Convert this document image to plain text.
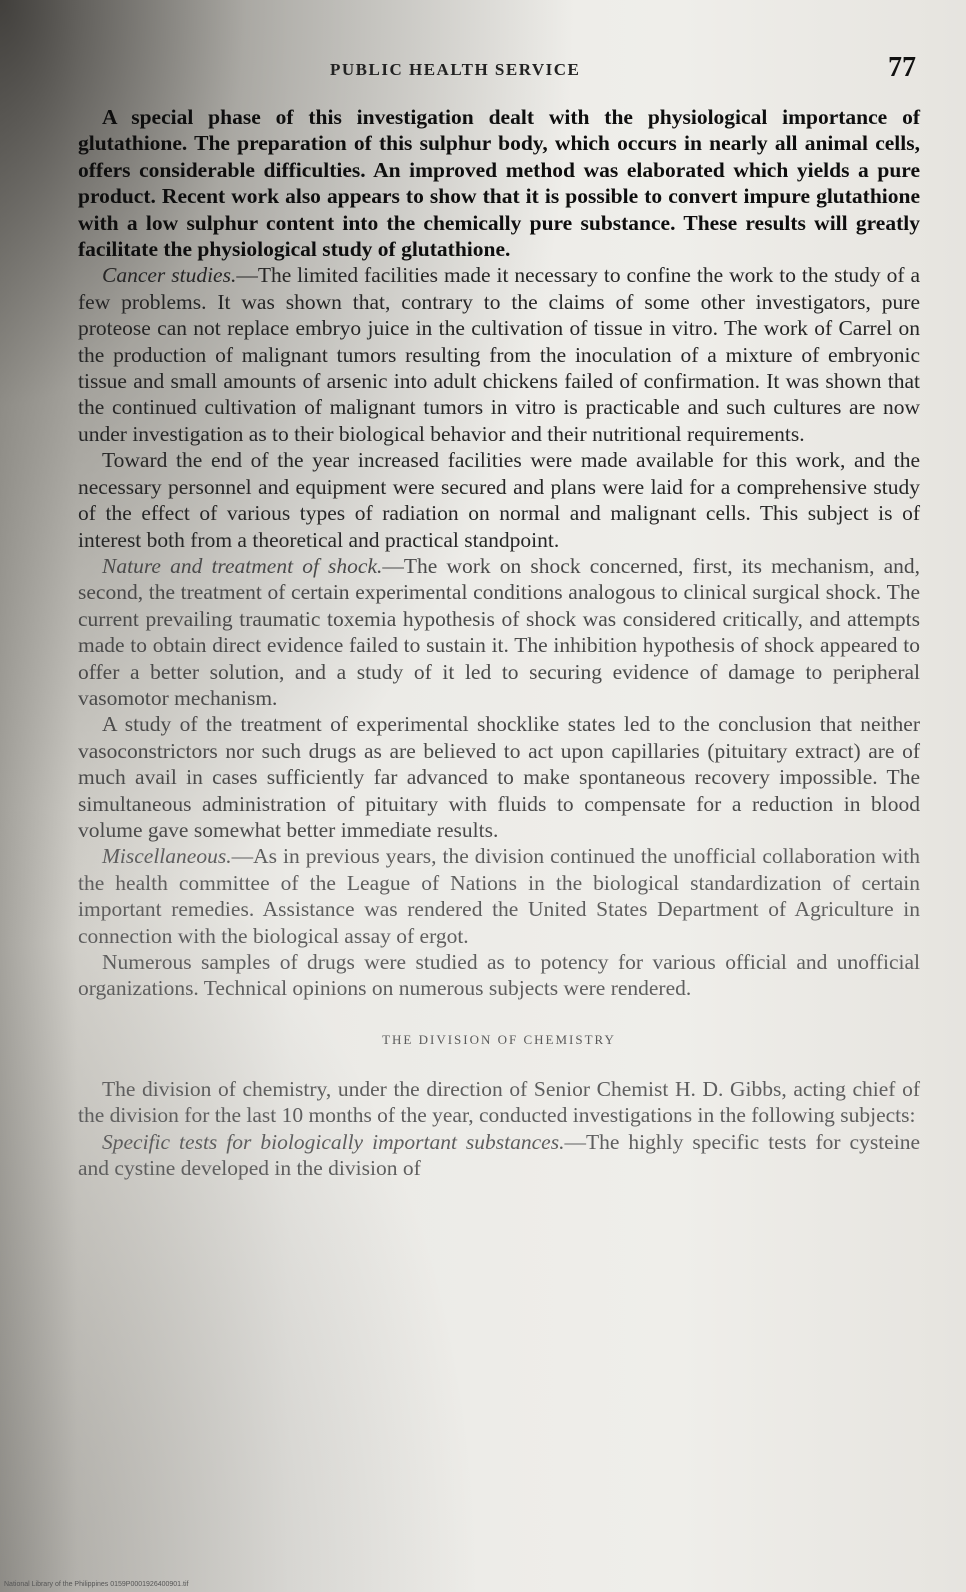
PUBLIC HEALTH SERVICE	77

A special phase of this investigation dealt with the physiological importance of glutathione. The preparation of this sulphur body, which occurs in nearly all animal cells, offers considerable difficulties. An improved method was elaborated which yields a pure product. Recent work also appears to show that it is possible to convert impure glutathione with a low sulphur content into the chemically pure substance. These results will greatly facilitate the physiological study of glutathione.

Cancer studies.—The limited facilities made it necessary to confine the work to the study of a few problems. It was shown that, contrary to the claims of some other investigators, pure proteose can not replace embryo juice in the cultivation of tissue in vitro. The work of Carrel on the production of malignant tumors resulting from the inoculation of a mixture of embryonic tissue and small amounts of arsenic into adult chickens failed of confirmation. It was shown that the continued cultivation of malignant tumors in vitro is practicable and such cultures are now under investigation as to their biological behavior and their nutritional requirements.

Toward the end of the year increased facilities were made available for this work, and the necessary personnel and equipment were secured and plans were laid for a comprehensive study of the effect of various types of radiation on normal and malignant cells. This subject is of interest both from a theoretical and practical standpoint.

Nature and treatment of shock.—The work on shock concerned, first, its mechanism, and, second, the treatment of certain experimental conditions analogous to clinical surgical shock. The current prevailing traumatic toxemia hypothesis of shock was considered critically, and attempts made to obtain direct evidence failed to sustain it. The inhibition hypothesis of shock appeared to offer a better solution, and a study of it led to securing evidence of damage to peripheral vasomotor mechanism.

A study of the treatment of experimental shocklike states led to the conclusion that neither vasoconstrictors nor such drugs as are believed to act upon capillaries (pituitary extract) are of much avail in cases sufficiently far advanced to make spontaneous recovery impossible. The simultaneous administration of pituitary with fluids to compensate for a reduction in blood volume gave somewhat better immediate results.

Miscellaneous.—As in previous years, the division continued the unofficial collaboration with the health committee of the League of Nations in the biological standardization of certain important remedies. Assistance was rendered the United States Department of Agriculture in connection with the biological assay of ergot.

Numerous samples of drugs were studied as to potency for various official and unofficial organizations. Technical opinions on numerous subjects were rendered.

THE DIVISION OF CHEMISTRY

The division of chemistry, under the direction of Senior Chemist H. D. Gibbs, acting chief of the division for the last 10 months of the year, conducted investigations in the following subjects:

Specific tests for biologically important substances.—The highly specific tests for cysteine and cystine developed in the division of

National Library of the Philippines 0159P0001926400901.tif
